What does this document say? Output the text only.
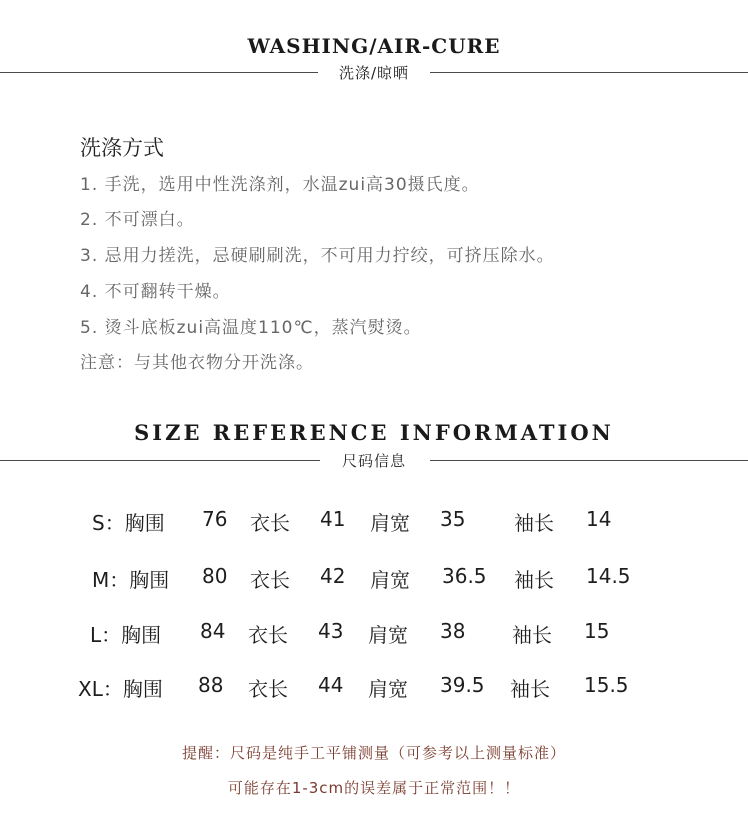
WASHING/AIR-CURE
洗涤/晾晒
洗涤方式
1. 手洗，选用中性洗涤剂，水温zui高30摄氏度。
2. 不可漂白。
3. 忌用力搓洗，忌硬刷刷洗，不可用力拧绞，可挤压除水。
4. 不可翻转干燥。
5. 烫斗底板zui高温度110℃，蒸汽熨烫。
注意：与其他衣物分开洗涤。
SIZE REFERENCE INFORMATION
尺码信息
S：胸围 76 衣长 41 肩宽 35 袖长 14
M：胸围 80 衣长 42 肩宽 36.5 袖长 14.5
L：胸围 84 衣长 43 肩宽 38 袖长 15
XL：胸围 88 衣长 44 肩宽 39.5 袖长 15.5
提醒：尺码是纯手工平铺测量（可参考以上测量标准）
可能存在1-3cm的误差属于正常范围！！
